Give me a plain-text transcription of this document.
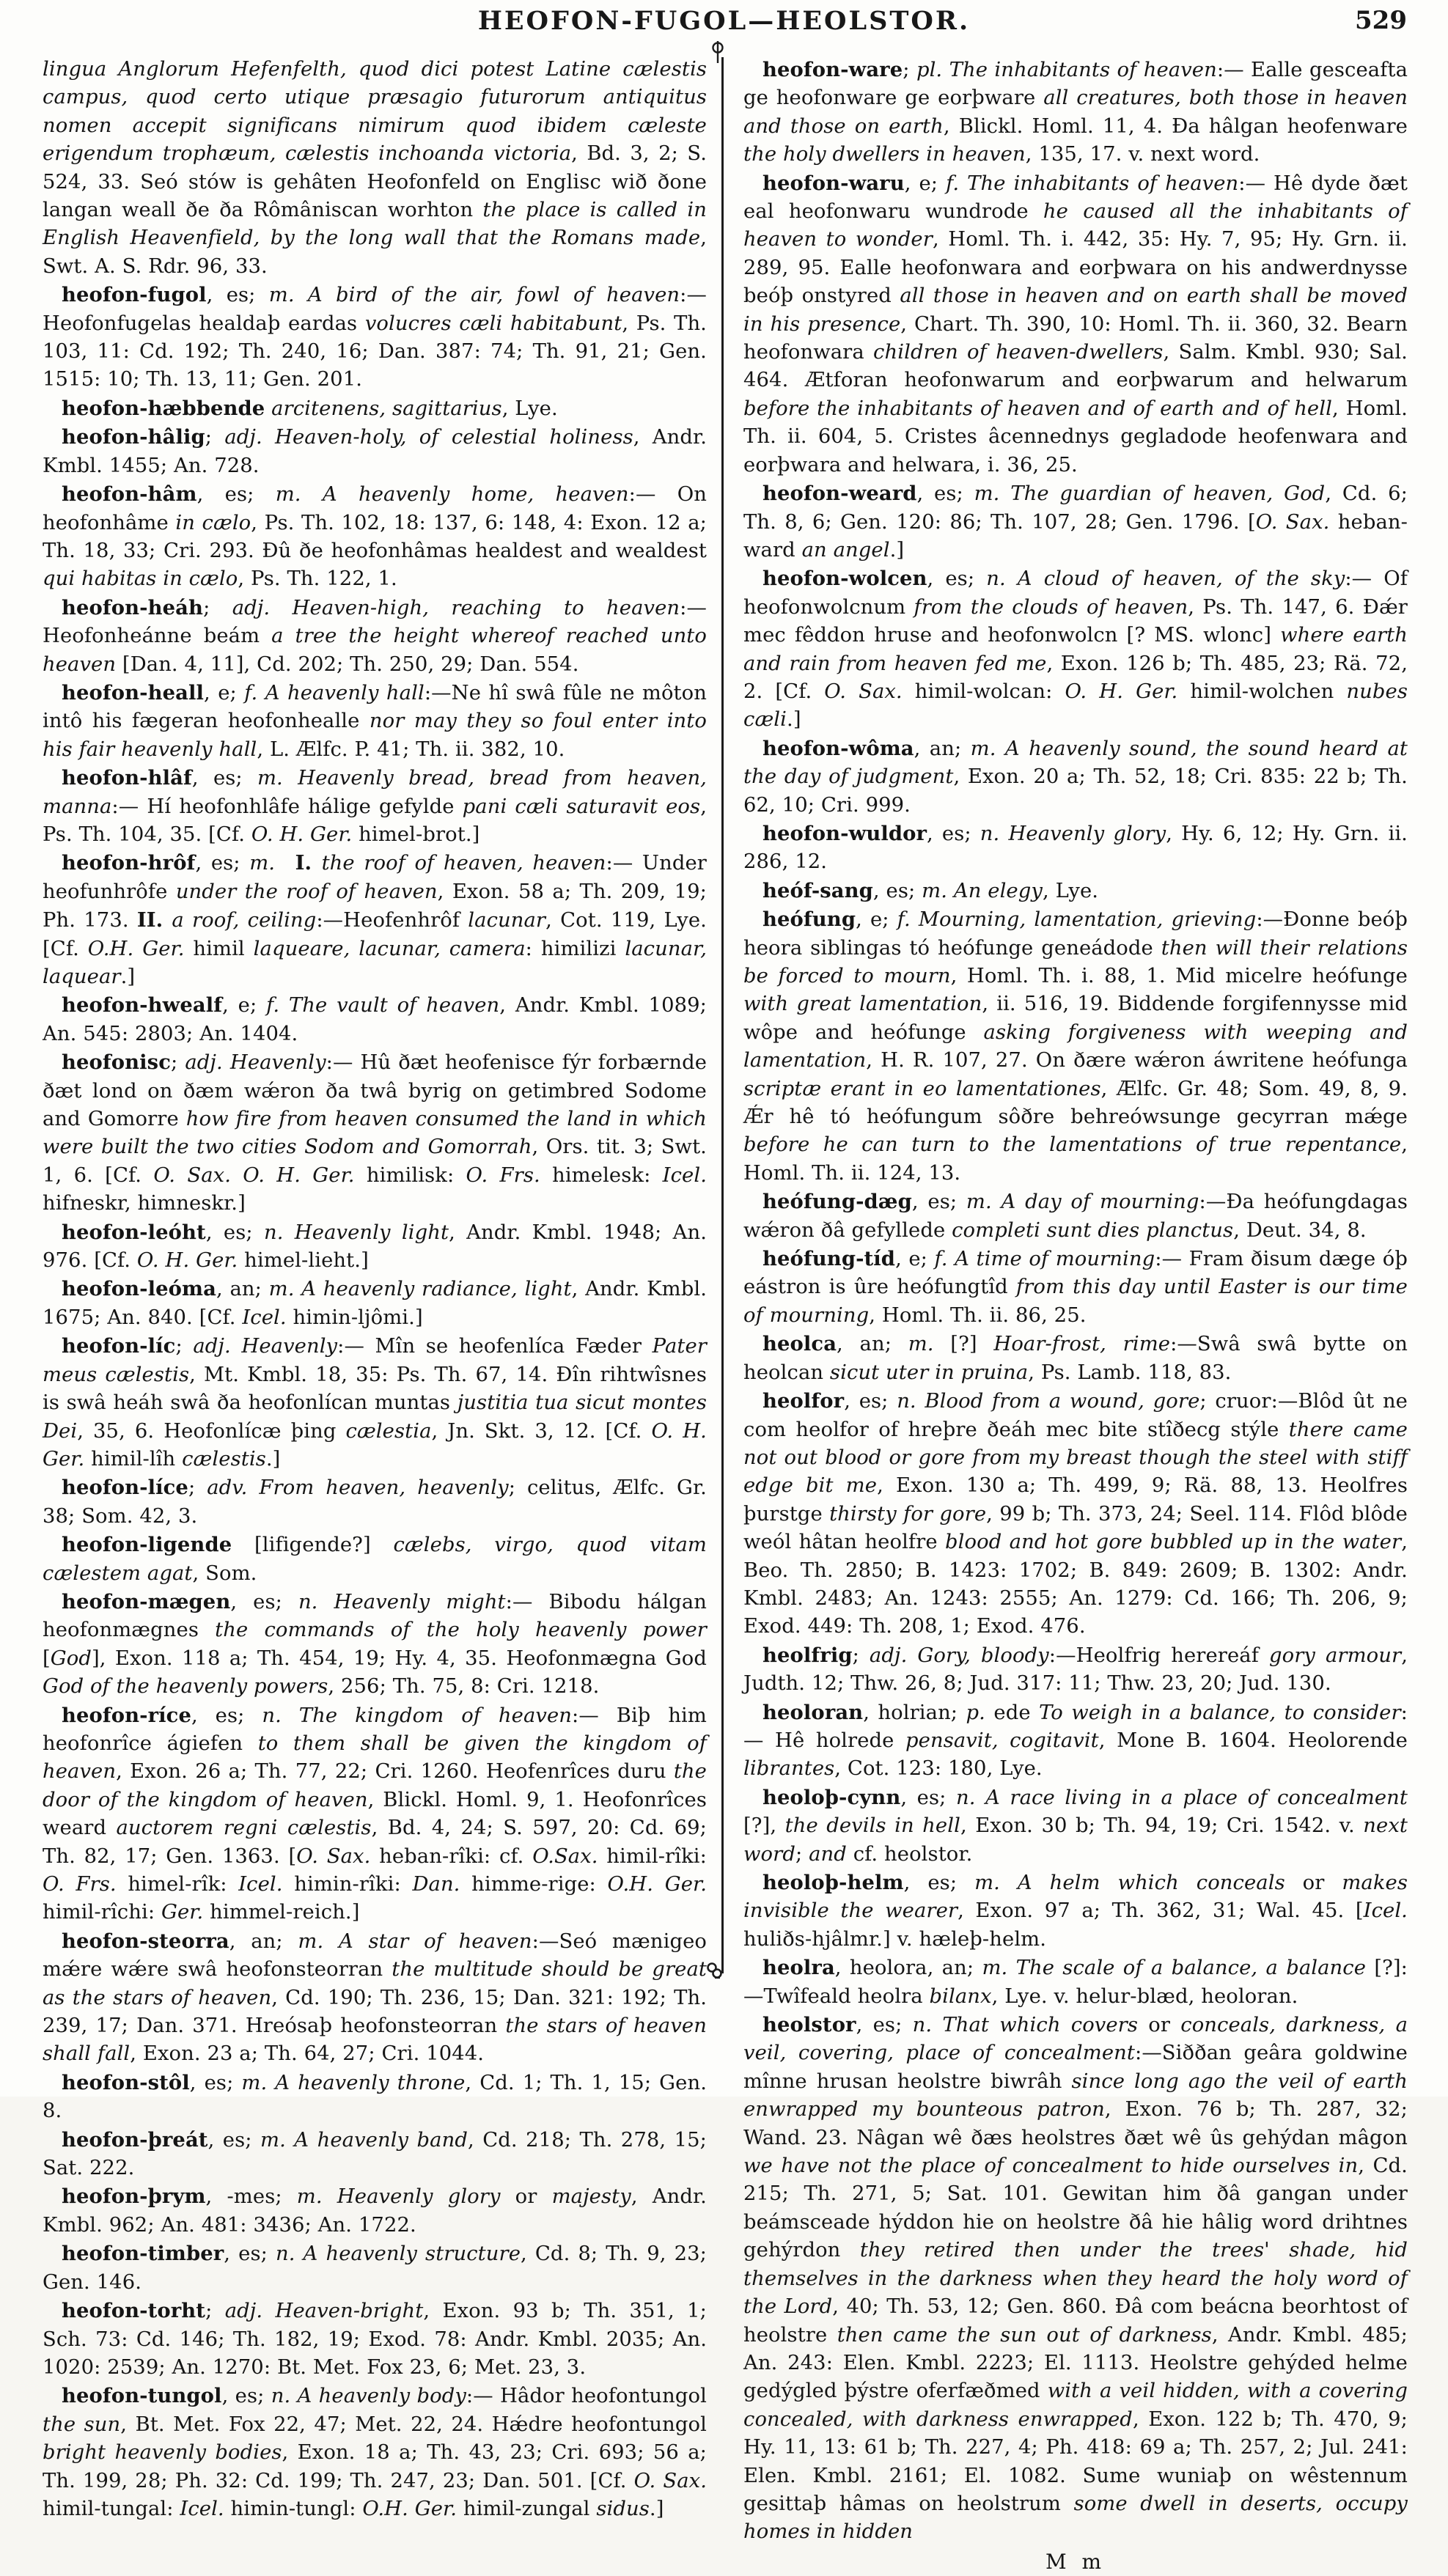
HEOFON-FUGOL—HEOLSTOR.	529

lingua Anglorum Hefenfelth, quod dici potest Latine cælestis campus, quod certo utique præsagio futurorum antiquitus nomen accepit significans nimirum quod ibidem cæleste erigendum trophæum, cælestis inchoanda victoria, Bd. 3, 2; S. 524, 33. Seó stów is gehâten Heofonfeld on Englisc wið ðone langan weall ðe ða Rômâniscan worhton the place is called in English Heavenfield, by the long wall that the Romans made, Swt. A. S. Rdr. 96, 33.

heofon-fugol, es; m. A bird of the air, fowl of heaven:— Heofonfugelas healdaþ eardas volucres cæli habitabunt, Ps. Th. 103, 11: Cd. 192; Th. 240, 16; Dan. 387: 74; Th. 91, 21; Gen. 1515: 10; Th. 13, 11; Gen. 201.

heofon-hæbbende arcitenens, sagittarius, Lye.

heofon-hâlig; adj. Heaven-holy, of celestial holiness, Andr. Kmbl. 1455; An. 728.

heofon-hâm, es; m. A heavenly home, heaven:— On heofonhâme in cælo, Ps. Th. 102, 18: 137, 6: 148, 4: Exon. 12 a; Th. 18, 33; Cri. 293. Ðû ðe heofonhâmas healdest and wealdest qui habitas in cælo, Ps. Th. 122, 1.

heofon-heáh; adj. Heaven-high, reaching to heaven:—Heofonheánne beám a tree the height whereof reached unto heaven [Dan. 4, 11], Cd. 202; Th. 250, 29; Dan. 554.

heofon-heall, e; f. A heavenly hall:—Ne hî swâ fûle ne môton intô his fægeran heofonhealle nor may they so foul enter into his fair heavenly hall, L. Ælfc. P. 41; Th. ii. 382, 10.

heofon-hlâf, es; m. Heavenly bread, bread from heaven, manna:— Hí heofonhlâfe hálige gefylde pani cæli saturavit eos, Ps. Th. 104, 35. [Cf. O. H. Ger. himel-brot.]

heofon-hrôf, es; m. I. the roof of heaven, heaven:— Under heofunhrôfe under the roof of heaven, Exon. 58 a; Th. 209, 19; Ph. 173. II. a roof, ceiling:—Heofenhrôf lacunar, Cot. 119, Lye. [Cf. O.H. Ger. himil laqueare, lacunar, camera: himilizi lacunar, laquear.]

heofon-hwealf, e; f. The vault of heaven, Andr. Kmbl. 1089; An. 545: 2803; An. 1404.

heofonisc; adj. Heavenly:— Hû ðæt heofenisce fýr forbærnde ðæt lond on ðæm wǽron ða twâ byrig on getimbred Sodome and Gomorre how fire from heaven consumed the land in which were built the two cities Sodom and Gomorrah, Ors. tit. 3; Swt. 1, 6. [Cf. O. Sax. O. H. Ger. himilisk: O. Frs. himelesk: Icel. hifneskr, himneskr.]

heofon-leóht, es; n. Heavenly light, Andr. Kmbl. 1948; An. 976. [Cf. O. H. Ger. himel-lieht.]

heofon-leóma, an; m. A heavenly radiance, light, Andr. Kmbl. 1675; An. 840. [Cf. Icel. himin-ljômi.]

heofon-líc; adj. Heavenly:— Mîn se heofenlíca Fæder Pater meus cælestis, Mt. Kmbl. 18, 35: Ps. Th. 67, 14. Ðîn rihtwîsnes is swâ heáh swâ ða heofonlícan muntas justitia tua sicut montes Dei, 35, 6. Heofonlícæ þing cælestia, Jn. Skt. 3, 12. [Cf. O. H. Ger. himil-lîh cælestis.]

heofon-líce; adv. From heaven, heavenly; celitus, Ælfc. Gr. 38; Som. 42, 3.

heofon-ligende [lifigende?] cælebs, virgo, quod vitam cælestem agat, Som.

heofon-mægen, es; n. Heavenly might:— Bibodu hálgan heofonmægnes the commands of the holy heavenly power [God], Exon. 118 a; Th. 454, 19; Hy. 4, 35. Heofonmægna God God of the heavenly powers, 256; Th. 75, 8: Cri. 1218.

heofon-ríce, es; n. The kingdom of heaven:— Biþ him heofonrîce ágiefen to them shall be given the kingdom of heaven, Exon. 26 a; Th. 77, 22; Cri. 1260. Heofenrîces duru the door of the kingdom of heaven, Blickl. Homl. 9, 1. Heofonrîces weard auctorem regni cælestis, Bd. 4, 24; S. 597, 20: Cd. 69; Th. 82, 17; Gen. 1363. [O. Sax. heban-rîki: cf. O.Sax. himil-rîki: O. Frs. himel-rîk: Icel. himin-rîki: Dan. himme-rige: O.H. Ger. himil-rîchi: Ger. himmel-reich.]

heofon-steorra, an; m. A star of heaven:—Seó mænigeo mǽre wǽre swâ heofonsteorran the multitude should be great as the stars of heaven, Cd. 190; Th. 236, 15; Dan. 321: 192; Th. 239, 17; Dan. 371. Hreósaþ heofonsteorran the stars of heaven shall fall, Exon. 23 a; Th. 64, 27; Cri. 1044.

heofon-stôl, es; m. A heavenly throne, Cd. 1; Th. 1, 15; Gen. 8.

heofon-þreát, es; m. A heavenly band, Cd. 218; Th. 278, 15; Sat. 222.

heofon-þrym, -mes; m. Heavenly glory or majesty, Andr. Kmbl. 962; An. 481: 3436; An. 1722.

heofon-timber, es; n. A heavenly structure, Cd. 8; Th. 9, 23; Gen. 146.

heofon-torht; adj. Heaven-bright, Exon. 93 b; Th. 351, 1; Sch. 73: Cd. 146; Th. 182, 19; Exod. 78: Andr. Kmbl. 2035; An. 1020: 2539; An. 1270: Bt. Met. Fox 23, 6; Met. 23, 3.

heofon-tungol, es; n. A heavenly body:— Hâdor heofontungol the sun, Bt. Met. Fox 22, 47; Met. 22, 24. Hǽdre heofontungol bright heavenly bodies, Exon. 18 a; Th. 43, 23; Cri. 693; 56 a; Th. 199, 28; Ph. 32: Cd. 199; Th. 247, 23; Dan. 501. [Cf. O. Sax. himil-tungal: Icel. himin-tungl: O.H. Ger. himil-zungal sidus.]

heofon-ware; pl. The inhabitants of heaven:— Ealle gesceafta ge heofonware ge eorþware all creatures, both those in heaven and those on earth, Blickl. Homl. 11, 4. Ða hâlgan heofenware the holy dwellers in heaven, 135, 17. v. next word.

heofon-waru, e; f. The inhabitants of heaven:— Hê dyde ðæt eal heofonwaru wundrode he caused all the inhabitants of heaven to wonder, Homl. Th. i. 442, 35: Hy. 7, 95; Hy. Grn. ii. 289, 95. Ealle heofonwara and eorþwara on his andwerdnysse beóþ onstyred all those in heaven and on earth shall be moved in his presence, Chart. Th. 390, 10: Homl. Th. ii. 360, 32. Bearn heofonwara children of heaven-dwellers, Salm. Kmbl. 930; Sal. 464. Ætforan heofonwarum and eorþwarum and helwarum before the inhabitants of heaven and of earth and of hell, Homl. Th. ii. 604, 5. Cristes âcennednys gegladode heofenwara and eorþwara and helwara, i. 36, 25.

heofon-weard, es; m. The guardian of heaven, God, Cd. 6; Th. 8, 6; Gen. 120: 86; Th. 107, 28; Gen. 1796. [O. Sax. heban-ward an angel.]

heofon-wolcen, es; n. A cloud of heaven, of the sky:— Of heofonwolcnum from the clouds of heaven, Ps. Th. 147, 6. Ðǽr mec fêddon hruse and heofonwolcn [? MS. wlonc] where earth and rain from heaven fed me, Exon. 126 b; Th. 485, 23; Rä. 72, 2. [Cf. O. Sax. himil-wolcan: O. H. Ger. himil-wolchen nubes cæli.]

heofon-wôma, an; m. A heavenly sound, the sound heard at the day of judgment, Exon. 20 a; Th. 52, 18; Cri. 835: 22 b; Th. 62, 10; Cri. 999.

heofon-wuldor, es; n. Heavenly glory, Hy. 6, 12; Hy. Grn. ii. 286, 12.

heóf-sang, es; m. An elegy, Lye.

heófung, e; f. Mourning, lamentation, grieving:—Ðonne beóþ heora siblingas tó heófunge geneádode then will their relations be forced to mourn, Homl. Th. i. 88, 1. Mid micelre heófunge with great lamentation, ii. 516, 19. Biddende forgifennysse mid wôpe and heófunge asking forgiveness with weeping and lamentation, H. R. 107, 27. On ðære wǽron áwritene heófunga scriptæ erant in eo lamentationes, Ælfc. Gr. 48; Som. 49, 8, 9. Ǽr hê tó heófungum sôðre behreówsunge gecyrran mǽge before he can turn to the lamentations of true repentance, Homl. Th. ii. 124, 13.

heófung-dæg, es; m. A day of mourning:—Ða heófungdagas wǽron ðâ gefyllede completi sunt dies planctus, Deut. 34, 8.

heófung-tíd, e; f. A time of mourning:— Fram ðisum dæge óþ eástron is ûre heófungtîd from this day until Easter is our time of mourning, Homl. Th. ii. 86, 25.

heolca, an; m. [?] Hoar-frost, rime:—Swâ swâ bytte on heolcan sicut uter in pruina, Ps. Lamb. 118, 83.

heolfor, es; n. Blood from a wound, gore; cruor:—Blôd ût ne com heolfor of hreþre ðeáh mec bite stîðecg stýle there came not out blood or gore from my breast though the steel with stiff edge bit me, Exon. 130 a; Th. 499, 9; Rä. 88, 13. Heolfres þurstge thirsty for gore, 99 b; Th. 373, 24; Seel. 114. Flôd blôde weól hâtan heolfre blood and hot gore bubbled up in the water, Beo. Th. 2850; B. 1423: 1702; B. 849: 2609; B. 1302: Andr. Kmbl. 2483; An. 1243: 2555; An. 1279: Cd. 166; Th. 206, 9; Exod. 449: Th. 208, 1; Exod. 476.

heolfrig; adj. Gory, bloody:—Heolfrig herereáf gory armour, Judth. 12; Thw. 26, 8; Jud. 317: 11; Thw. 23, 20; Jud. 130.

heoloran, holrian; p. ede To weigh in a balance, to consider:— Hê holrede pensavit, cogitavit, Mone B. 1604. Heolorende librantes, Cot. 123: 180, Lye.

heoloþ-cynn, es; n. A race living in a place of concealment [?], the devils in hell, Exon. 30 b; Th. 94, 19; Cri. 1542. v. next word; and cf. heolstor.

heoloþ-helm, es; m. A helm which conceals or makes invisible the wearer, Exon. 97 a; Th. 362, 31; Wal. 45. [Icel. huliðs-hjâlmr.] v. hæleþ-helm.

heolra, heolora, an; m. The scale of a balance, a balance [?]:—Twîfeald heolra bilanx, Lye. v. helur-blæd, heoloran.

heolstor, es; n. That which covers or conceals, darkness, a veil, covering, place of concealment:—Siððan geâra goldwine mînne hrusan heolstre biwrâh since long ago the veil of earth enwrapped my bounteous patron, Exon. 76 b; Th. 287, 32; Wand. 23. Nâgan wê ðæs heolstres ðæt wê ûs gehýdan mâgon we have not the place of concealment to hide ourselves in, Cd. 215; Th. 271, 5; Sat. 101. Gewitan him ðâ gangan under beámsceade hýddon hie on heolstre ðâ hie hâlig word drihtnes gehýrdon they retired then under the trees' shade, hid themselves in the darkness when they heard the holy word of the Lord, 40; Th. 53, 12; Gen. 860. Ðâ com beácna beorhtost of heolstre then came the sun out of darkness, Andr. Kmbl. 485; An. 243: Elen. Kmbl. 2223; El. 1113. Heolstre gehýded helme gedýgled þýstre oferfæðmed with a veil hidden, with a covering concealed, with darkness enwrapped, Exon. 122 b; Th. 470, 9; Hy. 11, 13: 61 b; Th. 227, 4; Ph. 418: 69 a; Th. 257, 2; Jul. 241: Elen. Kmbl. 2161; El. 1082. Sume wuniaþ on wêstennum gesittaþ hâmas on heolstrum some dwell in deserts, occupy homes in hidden

M m
